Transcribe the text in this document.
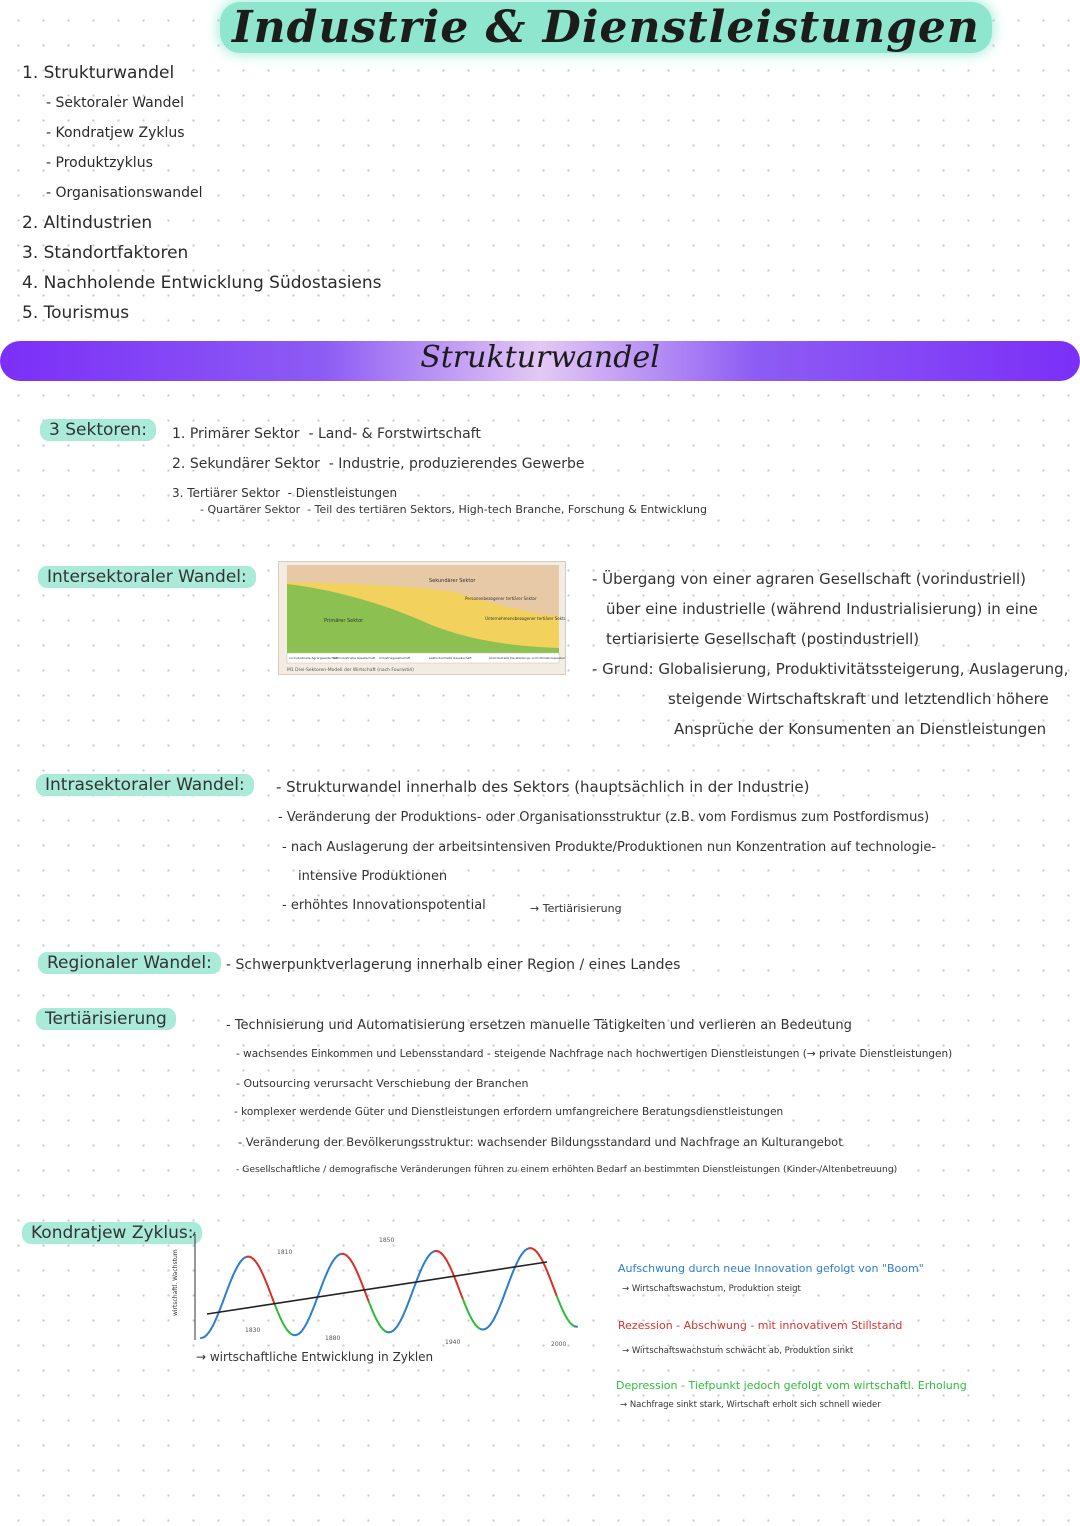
Industrie & Dienstleistungen
1. Strukturwandel
- Sektoraler Wandel
- Kondratjew Zyklus
- Produktzyklus
- Organisationswandel
2. Altindustrien
3. Standortfaktoren
4. Nachholende Entwicklung Südostasiens
5. Tourismus
Strukturwandel
3 Sektoren:	1. Primärer Sektor - Land- & Forstwirtschaft
2. Sekundärer Sektor - Industrie, produzierendes Gewerbe
3. Tertiärer Sektor - Dienstleistungen
- Quartärer Sektor - Teil des tertiären Sektors, High-tech Branche, Forschung & Entwicklung
Intersektoraler Wandel:	Sekundärer Sektor
Primärer Sektor
Personenbezogener tertiärer Sektor
Unternehmensbezogener tertiärer Sektor
vorindustrielle Agrargesellschaft
frühindustrielle Gesellschaft Industriegesellschaft	spätindustrielle Gesellschaft	postindustrielle Dienstleistungs- und Informationsgesellschaft
M1 Drei-Sektoren-Modell der Wirtschaft (nach Fourastié)
- Übergang von einer agraren Gesellschaft (vorindustriell)
über eine industrielle (während Industrialisierung) in eine
tertiarisierte Gesellschaft (postindustriell)
- Grund: Globalisierung, Produktivitätssteigerung, Auslagerung,
steigende Wirtschaftskraft und letztendlich höhere
Ansprüche der Konsumenten an Dienstleistungen
Intrasektoraler Wandel:	- Strukturwandel innerhalb des Sektors (hauptsächlich in der Industrie)
- Veränderung der Produktions- oder Organisationsstruktur (z.B. vom Fordismus zum Postfordismus)
- nach Auslagerung der arbeitsintensiven Produkte/Produktionen nun Konzentration auf technologie-
intensive Produktionen
- erhöhtes Innovationspotential	→ Tertiärisierung
Regionaler Wandel:	- Schwerpunktverlagerung innerhalb einer Region / eines Landes
Tertiärisierung	- Technisierung und Automatisierung ersetzen manuelle Tätigkeiten und verlieren an Bedeutung
- wachsendes Einkommen und Lebensstandard - steigende Nachfrage nach hochwertigen Dienstleistungen (→ private Dienstleistungen)
- Outsourcing verursacht Verschiebung der Branchen
- komplexer werdende Güter und Dienstleistungen erfordern umfangreichere Beratungsdienstleistungen
- Veränderung der Bevölkerungsstruktur: wachsender Bildungsstandard und Nachfrage an Kulturangebot
- Gesellschaftliche / demografische Veränderungen führen zu einem erhöhten Bedarf an bestimmten Dienstleistungen (Kinder-/Altenbetreuung)
Kondratjew Zyklus:
wirtschaftl. Wachstum	1810
1850
1830
1880
1940	2000
→ wirtschaftliche Entwicklung in Zyklen
Aufschwung durch neue Innovation gefolgt von "Boom"
→ Wirtschaftswachstum, Produktion steigt
Rezession - Abschwung - mit innovativem Stillstand
→ Wirtschaftswachstum schwächt ab, Produktion sinkt
Depression - Tiefpunkt jedoch gefolgt vom wirtschaftl. Erholung
→ Nachfrage sinkt stark, Wirtschaft erholt sich schnell wieder
